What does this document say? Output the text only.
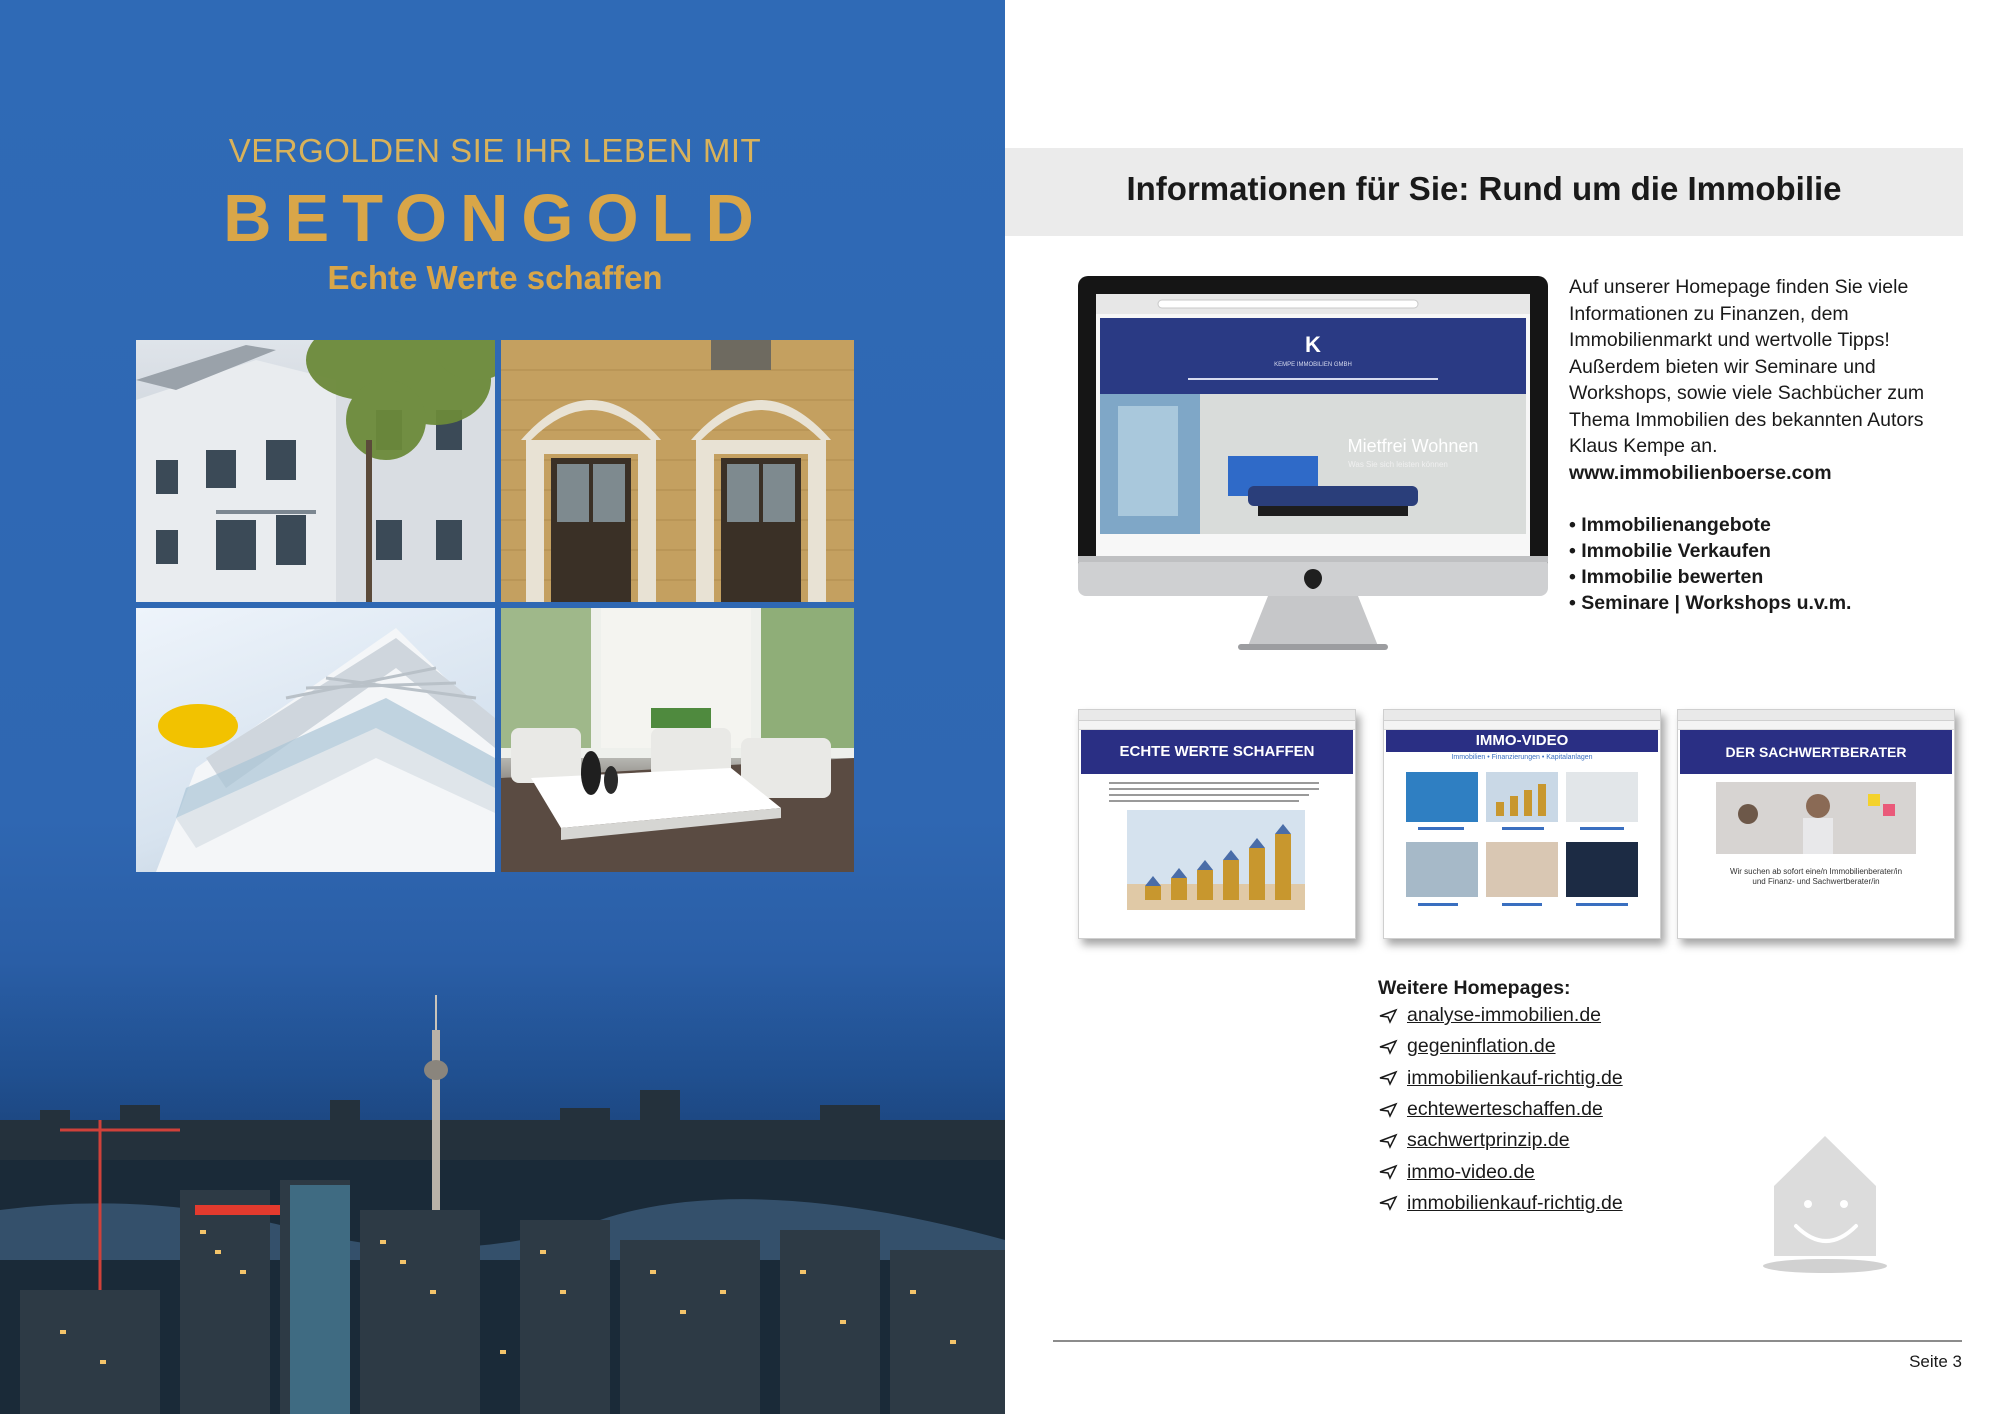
VERGOLDEN SIE IHR LEBEN MIT
BETONGOLD
Echte Werte schaffen
Informationen für Sie: Rund um die Immobilie
K
KEMPE IMMOBILIEN GMBH
Mietfrei Wohnen
Was Sie sich leisten können

Auf unserer Homepage finden Sie viele Informationen zu Finanzen, dem Immobilienmarkt und wertvolle Tipps! Außerdem bieten wir Seminare und Workshops, sowie viele Sachbücher zum Thema Immobilien des bekannten Autors Klaus Kempe an.

www.immobilienboerse.com

• Immobilienangebote
• Immobilie Verkaufen
• Immobilie bewerten
• Seminare | Workshops u.v.m.
ECHTE WERTE SCHAFFEN
IMMO-VIDEO
Immobilien • Finanzierungen • Kapitalanlagen	DER SACHWERTBERATER
Wir suchen ab sofort eine/n Immobilienberater/in und Finanz- und Sachwertberater/in
Weitere Homepages:
analyse-immobilien.de
gegeninflation.de
immobilienkauf-richtig.de
echtewerteschaffen.de
sachwertprinzip.de
immo-video.de
immobilienkauf-richtig.de
Seite 3
